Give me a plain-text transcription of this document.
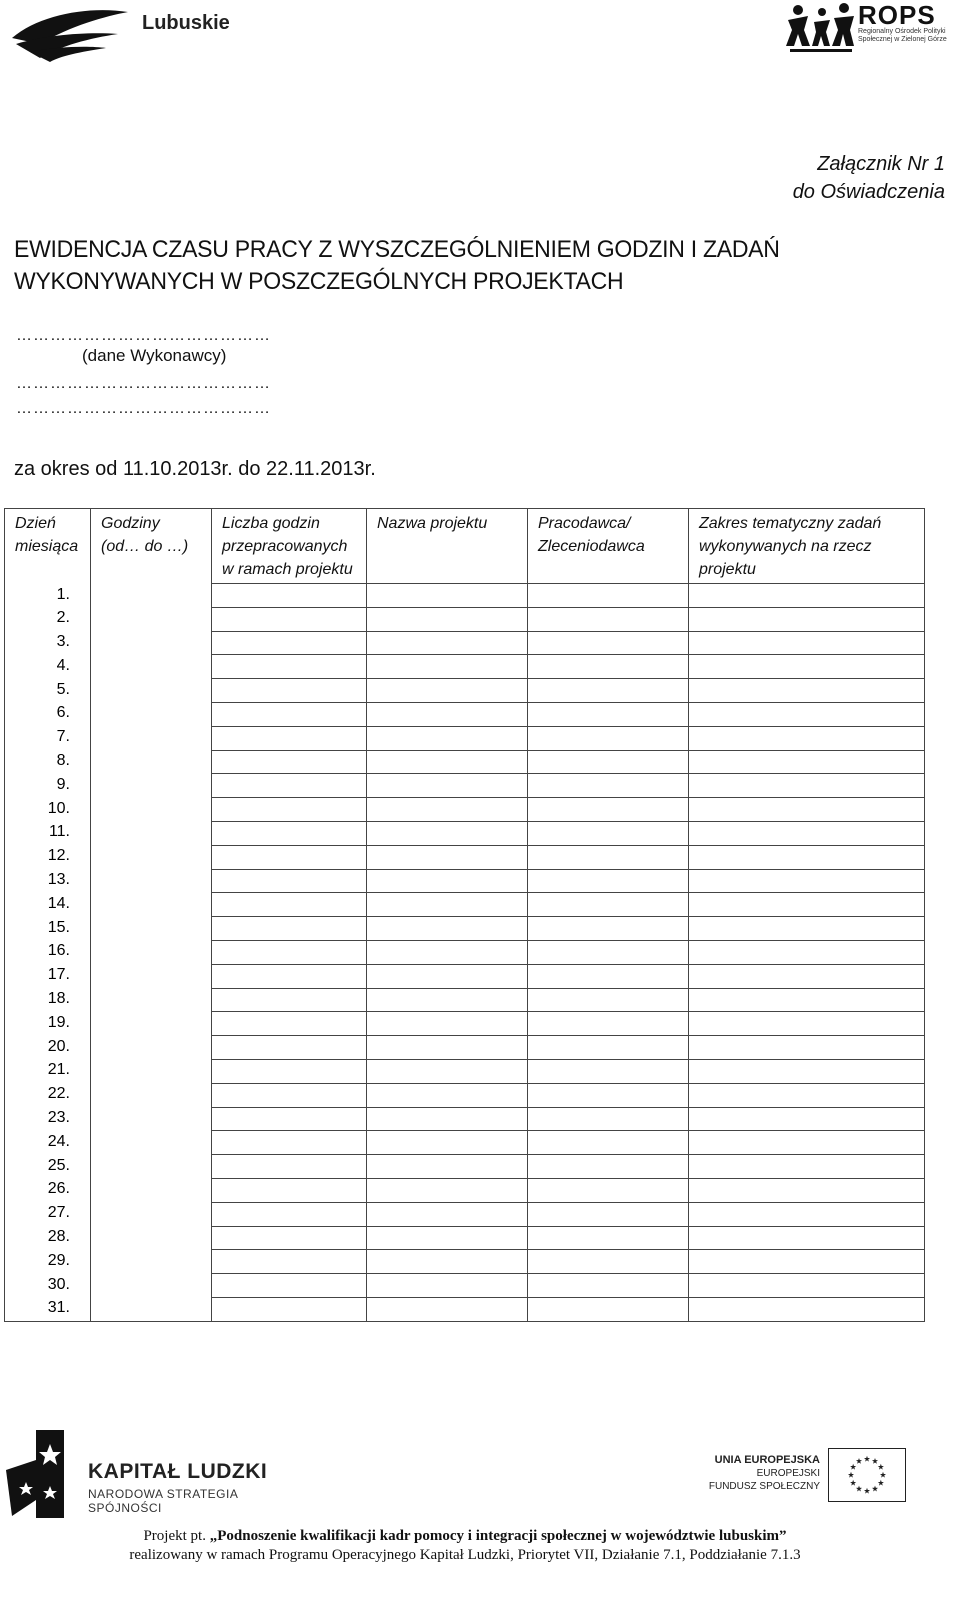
Lubuskie	ROPS
Regionalny Ośrodek Polityki Społecznej w Zielonej Górze
Załącznik Nr 1
do Oświadczenia
EWIDENCJA CZASU PRACY Z WYSZCZEGÓLNIENIEM GODZIN I ZADAŃ
WYKONYWANYCH W POSZCZEGÓLNYCH PROJEKTACH
………………………………………
(dane Wykonawcy)
………………………………………
………………………………………
za okres od 11.10.2013r. do 22.11.2013r.
Dzień miesiąca	Godziny (od… do …)	Liczba godzin przepracowanych w ramach projektu	Nazwa projektu	Pracodawca/ Zleceniodawca	Zakres tematyczny zadań wykonywanych na rzecz projektu
1.					
2.					
3.					
4.					
5.					
6.					
7.					
8.					
9.					
10.					
11.					
12.					
13.					
14.					
15.					
16.					
17.					
18.					
19.					
20.					
21.					
22.					
23.					
24.					
25.					
26.					
27.					
28.					
29.					
30.					
31.					
KAPITAŁ LUDZKI
NARODOWA STRATEGIA SPÓJNOŚCI
UNIA EUROPEJSKA
EUROPEJSKI
FUNDUSZ SPOŁECZNY
Projekt pt. „Podnoszenie kwalifikacji kadr pomocy i integracji społecznej w województwie lubuskim”
realizowany w ramach Programu Operacyjnego Kapitał Ludzki, Priorytet VII, Działanie 7.1, Poddziałanie 7.1.3
